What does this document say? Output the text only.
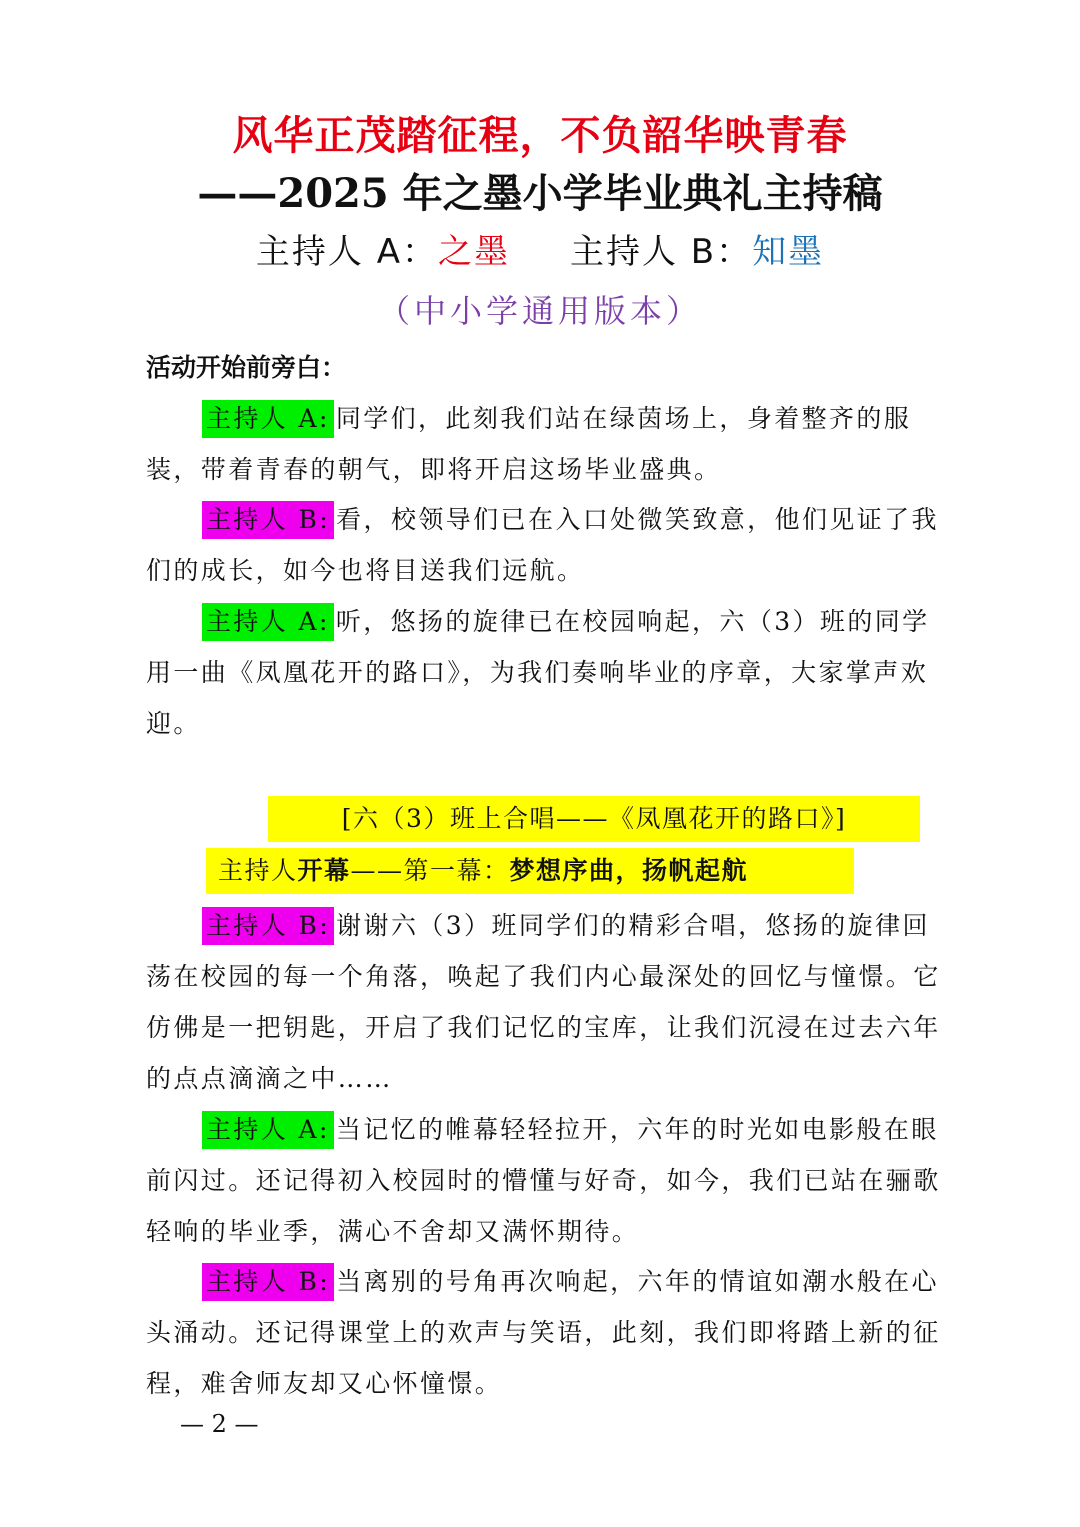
风华正茂踏征程，不负韶华映青春
——2025 年之墨小学毕业典礼主持稿
主持人 A：之墨 主持人 B：知墨
（中小学通用版本）
活动开始前旁白：

主持人 A: 同学们，此刻我们站在绿茵场上，身着整齐的服装，带着青春的朝气，即将开启这场毕业盛典。

主持人 B: 看，校领导们已在入口处微笑致意，他们见证了我们的成长，如今也将目送我们远航。

主持人 A: 听，悠扬的旋律已在校园响起，六（3）班的同学用一曲《凤凰花开的路口》，为我们奏响毕业的序章，大家掌声欢迎。

[六（3）班上合唱——《凤凰花开的路口》]
主持人开幕——第一幕：梦想序曲，扬帆起航

主持人 B: 谢谢六（3）班同学们的精彩合唱，悠扬的旋律回荡在校园的每一个角落，唤起了我们内心最深处的回忆与憧憬。它仿佛是一把钥匙，开启了我们记忆的宝库，让我们沉浸在过去六年的点点滴滴之中……

主持人 A: 当记忆的帷幕轻轻拉开，六年的时光如电影般在眼前闪过。还记得初入校园时的懵懂与好奇，如今，我们已站在骊歌轻响的毕业季，满心不舍却又满怀期待。

主持人 B: 当离别的号角再次响起，六年的情谊如潮水般在心头涌动。还记得课堂上的欢声与笑语，此刻，我们即将踏上新的征程，难舍师友却又心怀憧憬。

— 2 —
